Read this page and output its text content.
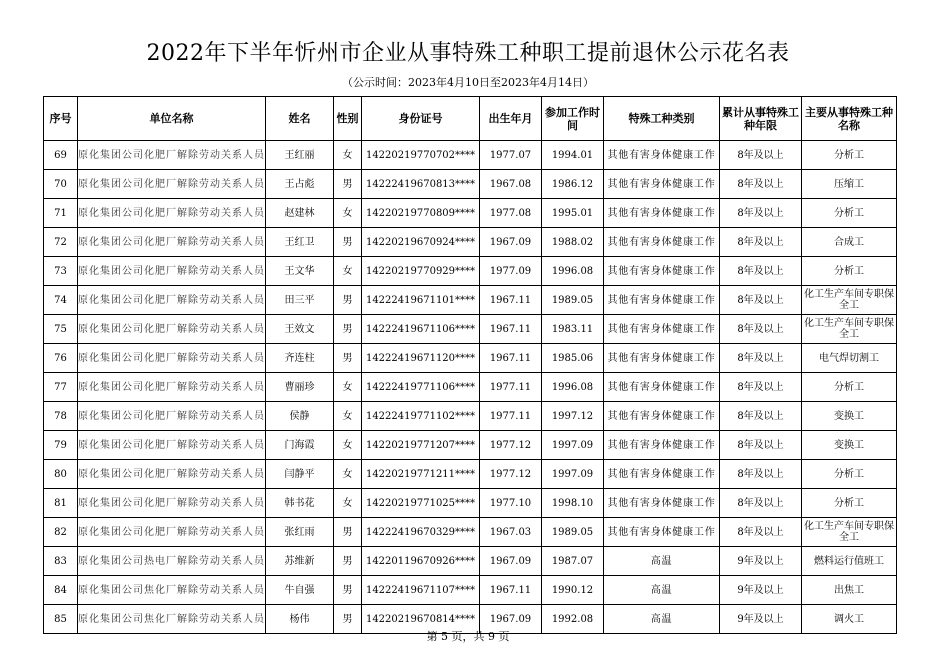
2022年下半年忻州市企业从事特殊工种职工提前退休公示花名表
（公示时间：2023年4月10日至2023年4月14日）
序号	单位名称	姓名	性别	身份证号	出生年月	参加工作时间	特殊工种类别	累计从事特殊工种年限	主要从事特殊工种名称
69	原化集团公司化肥厂解除劳动关系人员	王红丽	女	14220219770702****	1977.07	1994.01	其他有害身体健康工作	8年及以上	分析工
70	原化集团公司化肥厂解除劳动关系人员	王占彪	男	14222419670813****	1967.08	1986.12	其他有害身体健康工作	8年及以上	压缩工
71	原化集团公司化肥厂解除劳动关系人员	赵建林	女	14220219770809****	1977.08	1995.01	其他有害身体健康工作	8年及以上	分析工
72	原化集团公司化肥厂解除劳动关系人员	王红卫	男	14220219670924****	1967.09	1988.02	其他有害身体健康工作	8年及以上	合成工
73	原化集团公司化肥厂解除劳动关系人员	王文华	女	14220219770929****	1977.09	1996.08	其他有害身体健康工作	8年及以上	分析工
74	原化集团公司化肥厂解除劳动关系人员	田三平	男	14222419671101****	1967.11	1989.05	其他有害身体健康工作	8年及以上	化工生产车间专职保全工
75	原化集团公司化肥厂解除劳动关系人员	王效文	男	14222419671106****	1967.11	1983.11	其他有害身体健康工作	8年及以上	化工生产车间专职保全工
76	原化集团公司化肥厂解除劳动关系人员	齐连柱	男	14222419671120****	1967.11	1985.06	其他有害身体健康工作	8年及以上	电气焊切割工
77	原化集团公司化肥厂解除劳动关系人员	曹丽珍	女	14222419771106****	1977.11	1996.08	其他有害身体健康工作	8年及以上	分析工
78	原化集团公司化肥厂解除劳动关系人员	侯静	女	14222419771102****	1977.11	1997.12	其他有害身体健康工作	8年及以上	变换工
79	原化集团公司化肥厂解除劳动关系人员	门海霞	女	14220219771207****	1977.12	1997.09	其他有害身体健康工作	8年及以上	变换工
80	原化集团公司化肥厂解除劳动关系人员	闫静平	女	14220219771211****	1977.12	1997.09	其他有害身体健康工作	8年及以上	分析工
81	原化集团公司化肥厂解除劳动关系人员	韩书花	女	14220219771025****	1977.10	1998.10	其他有害身体健康工作	8年及以上	分析工
82	原化集团公司化肥厂解除劳动关系人员	张红雨	男	14222419670329****	1967.03	1989.05	其他有害身体健康工作	8年及以上	化工生产车间专职保全工
83	原化集团公司热电厂解除劳动关系人员	苏维新	男	14220119670926****	1967.09	1987.07	高温	9年及以上	燃料运行值班工
84	原化集团公司焦化厂解除劳动关系人员	牛自强	男	14222419671107****	1967.11	1990.12	高温	9年及以上	出焦工
85	原化集团公司焦化厂解除劳动关系人员	杨伟	男	14220219670814****	1967.09	1992.08	高温	9年及以上	调火工
第 5 页，共 9 页
